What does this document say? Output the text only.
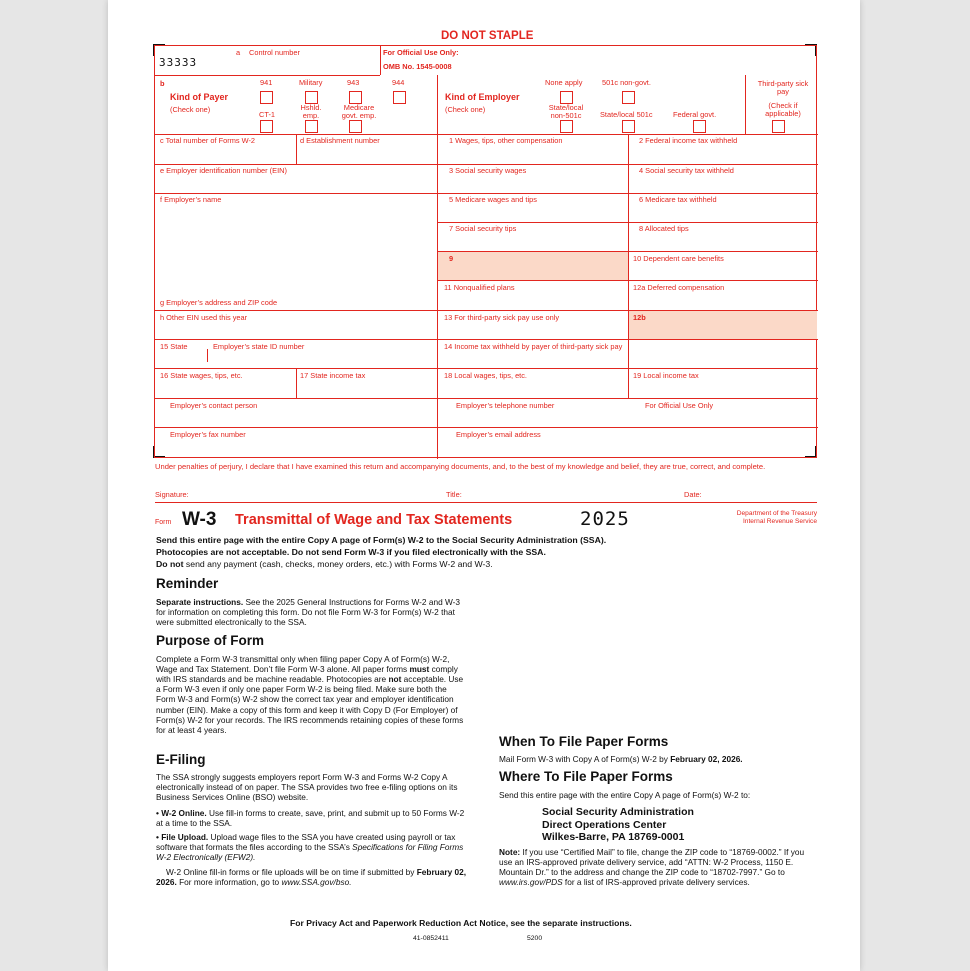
DO NOT STAPLE
33333
a Control number	For Official Use Only:
OMB No. 1545-0008
b
Kind of Payer
(Check one)
941	Military	943	944
CT-1
Hshld. emp.
Medicare govt. emp.
Kind of Employer
(Check one)
None apply	501c non-govt.
State/local non-501c	State/local 501c	Federal govt.
Third-party sick pay
(Check if applicable)
c Total number of Forms W-2	d Establishment number	1 Wages, tips, other compensation	2 Federal income tax withheld
e Employer identification number (EIN)	3 Social security wages	4 Social security tax withheld
f Employer’s name	5 Medicare wages and tips	6 Medicare tax withheld
7 Social security tips	8 Allocated tips
9	10 Dependent care benefits
11 Nonqualified plans	12a Deferred compensation
g Employer’s address and ZIP code
h Other EIN used this year	13 For third-party sick pay use only	12b
15 State	Employer’s state ID number	14 Income tax withheld by payer of third-party sick pay
16 State wages, tips, etc.	17 State income tax	18 Local wages, tips, etc.	19 Local income tax
Employer’s contact person	Employer’s telephone number	For Official Use Only
Employer’s fax number	Employer’s email address
Under penalties of perjury, I declare that I have examined this return and accompanying documents, and, to the best of my knowledge and belief, they are true, correct, and complete.
Signature:	Title:	Date:
Form W-3 Transmittal of Wage and Tax Statements	2025	Department of the Treasury
Internal Revenue Service
Send this entire page with the entire Copy A page of Form(s) W-2 to the Social Security Administration (SSA).
Photocopies are not acceptable. Do not send Form W-3 if you filed electronically with the SSA.
Do not send any payment (cash, checks, money orders, etc.) with Forms W-2 and W-3.
Reminder
Separate instructions. See the 2025 General Instructions for Forms W-2 and W-3 for information on completing this form. Do not file Form W-3 for Form(s) W-2 that were submitted electronically to the SSA.
Purpose of Form
Complete a Form W-3 transmittal only when filing paper Copy A of Form(s) W-2, Wage and Tax Statement. Don’t file Form W-3 alone. All paper forms must comply with IRS standards and be machine readable. Photocopies are not acceptable. Use a Form W-3 even if only one paper Form W-2 is being filed. Make sure both the Form W-3 and Form(s) W-2 show the correct tax year and employer identification number (EIN). Make a copy of this form and keep it with Copy D (For Employer) of Form(s) W-2 for your records. The IRS recommends retaining copies of these forms for at least 4 years.
E-Filing
The SSA strongly suggests employers report Form W-3 and Forms W-2 Copy A electronically instead of on paper. The SSA provides two free e-filing options on its Business Services Online (BSO) website.
• W-2 Online. Use fill-in forms to create, save, print, and submit up to 50 Forms W-2 at a time to the SSA.
• File Upload. Upload wage files to the SSA you have created using payroll or tax software that formats the files according to the SSA’s Specifications for Filing Forms W-2 Electronically (EFW2).
W-2 Online fill-in forms or file uploads will be on time if submitted by February 02, 2026. For more information, go to www.SSA.gov/bso.
When To File Paper Forms
Mail Form W-3 with Copy A of Form(s) W-2 by February 02, 2026.
Where To File Paper Forms
Send this entire page with the entire Copy A page of Form(s) W-2 to:
Social Security Administration
Direct Operations Center
Wilkes-Barre, PA 18769-0001
Note: If you use “Certified Mail” to file, change the ZIP code to “18769-0002.” If you use an IRS-approved private delivery service, add “ATTN: W-2 Process, 1150 E. Mountain Dr.” to the address and change the ZIP code to “18702-7997.” Go to www.irs.gov/PDS for a list of IRS-approved private delivery services.
For Privacy Act and Paperwork Reduction Act Notice, see the separate instructions.
41-0852411	5200
